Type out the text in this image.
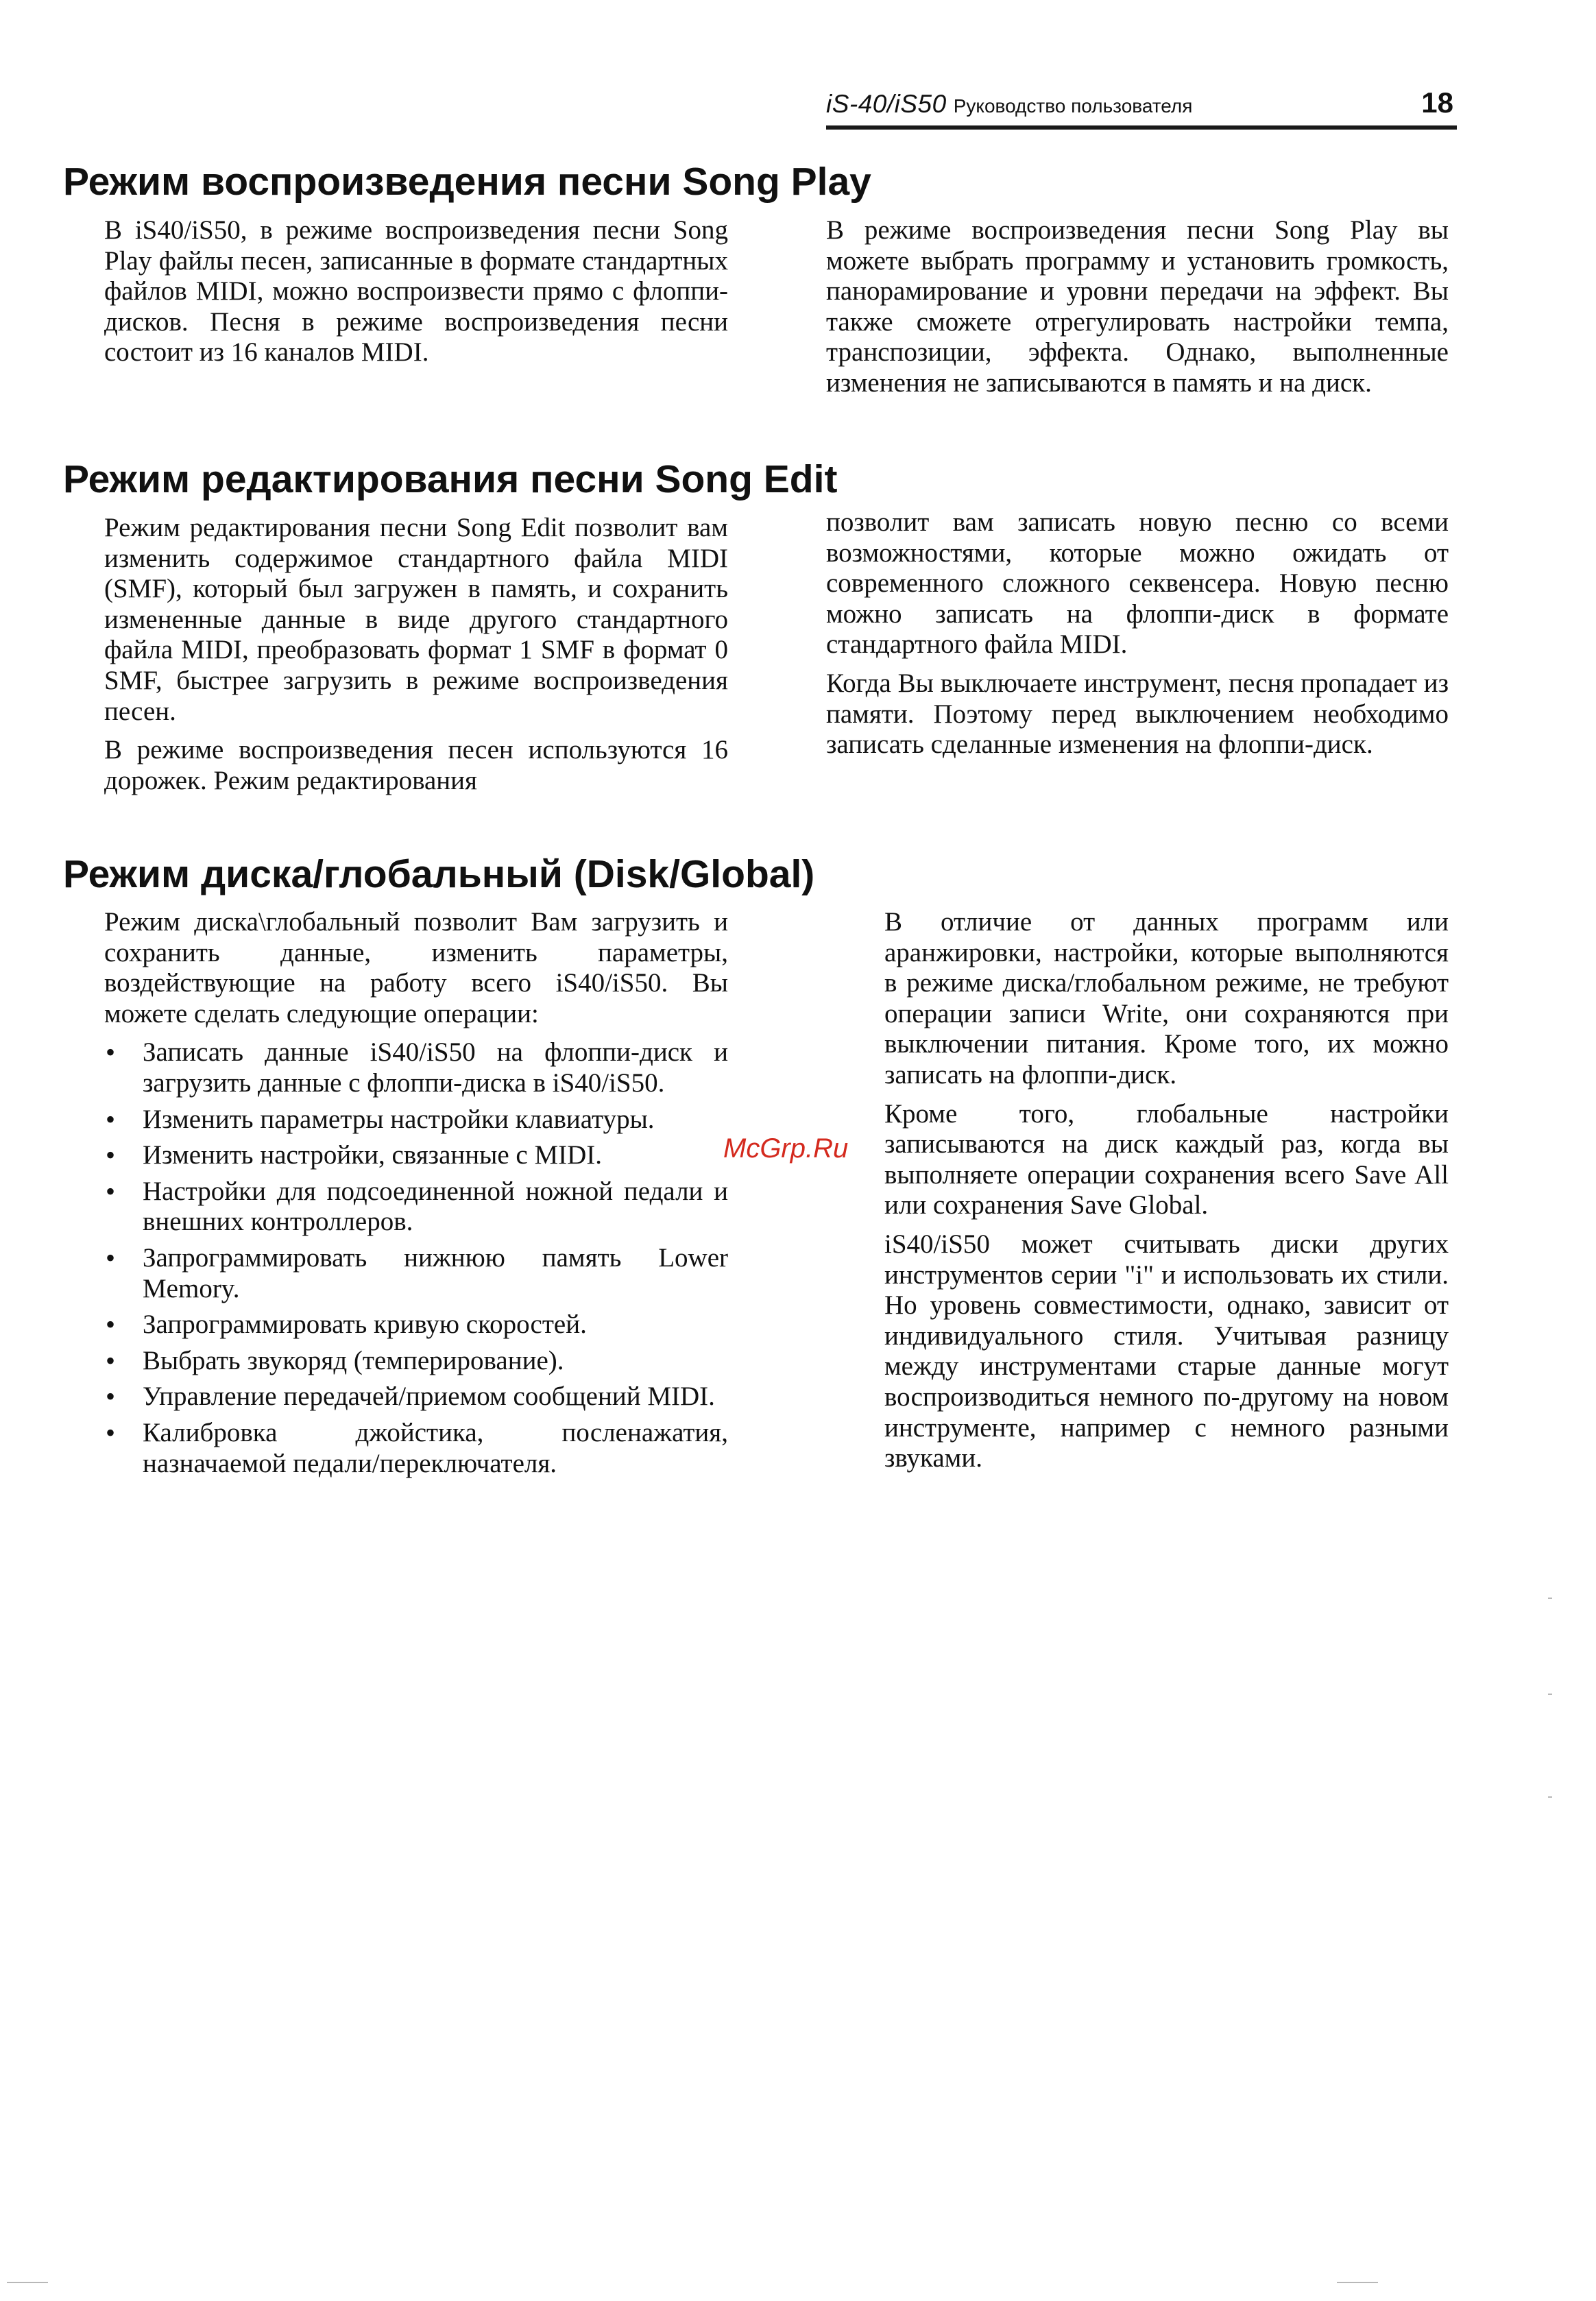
iS-40/iS50 Руководство пользователя	18
Режим воспроизведения песни Song Play

В iS40/iS50, в режиме воспроизведения песни Song Play файлы песен, записанные в формате стандартных файлов MIDI, можно воспроизвести прямо с флоппи-дисков. Песня в режиме воспроизведения песни состоит из 16 каналов MIDI.

В режиме воспроизведения песни Song Play вы можете выбрать программу и установить громкость, панорамирование и уровни передачи на эффект. Вы также сможете отрегулировать настройки темпа, транспозиции, эффекта. Однако, выполненные изменения не записываются в память и на диск.

Режим редактирования песни Song Edit

Режим редактирования песни Song Edit позволит вам изменить содержимое стандартного файла MIDI (SMF), который был загружен в память, и сохранить измененные данные в виде другого стандартного файла MIDI, преобразовать формат 1 SMF в формат 0 SMF, быстрее загрузить в режиме воспроизведения песен.

В режиме воспроизведения песен используются 16 дорожек. Режим редактирования

позволит вам записать новую песню со всеми возможностями, которые можно ожидать от современного сложного секвенсера. Новую песню можно записать на флоппи-диск в формате стандартного файла MIDI.

Когда Вы выключаете инструмент, песня пропадает из памяти. Поэтому перед выключением необходимо записать сделанные изменения на флоппи-диск.

Режим диска/глобальный (Disk/Global)

Режим диска\глобальный позволит Вам загрузить и сохранить данные, изменить параметры, воздействующие на работу всего iS40/iS50. Вы можете сделать следующие операции:

• Записать данные iS40/iS50 на флоппи-диск и загрузить данные с флоппи-диска в iS40/iS50.
• Изменить параметры настройки клавиатуры.
• Изменить настройки, связанные с MIDI.
• Настройки для подсоединенной ножной педали и внешних контроллеров.
• Запрограммировать нижнюю память Lower Memory.
• Запрограммировать кривую скоростей.
• Выбрать звукоряд (темперирование).
• Управление передачей/приемом сообщений MIDI.
• Калибровка джойстика, посленажатия, назначаемой педали/переключателя.

В отличие от данных программ или аранжировки, настройки, которые выполняются в режиме диска/глобальном режиме, не требуют операции записи Write, они сохраняются при выключении питания. Кроме того, их можно записать на флоппи-диск.

Кроме того, глобальные настройки записываются на диск каждый раз, когда вы выполняете операции сохранения всего Save All или сохранения Save Global.

iS40/iS50 может считывать диски других инструментов серии "i" и использовать их стили. Но уровень совместимости, однако, зависит от индивидуального стиля. Учитывая разницу между инструментами старые данные могут воспроизводиться немного по-другому на новом инструменте, например с немного разными звуками.

McGrp.Ru
